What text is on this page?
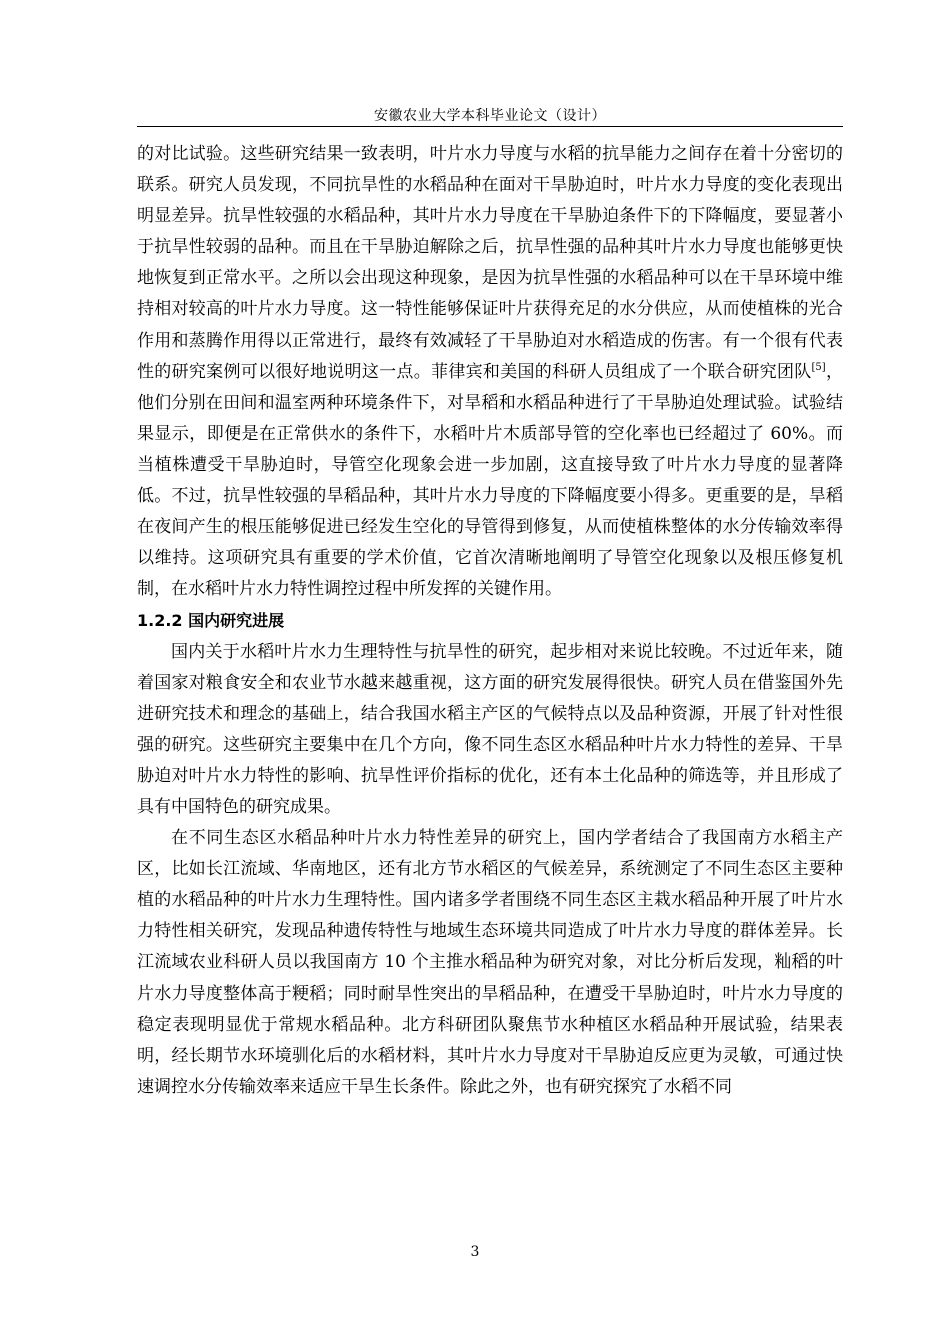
安徽农业大学本科毕业论文（设计）

的对比试验。这些研究结果一致表明，叶片水力导度与水稻的抗旱能力之间存在着十分密切的联系。研究人员发现，不同抗旱性的水稻品种在面对干旱胁迫时，叶片水力导度的变化表现出明显差异。抗旱性较强的水稻品种，其叶片水力导度在干旱胁迫条件下的下降幅度，要显著小于抗旱性较弱的品种。而且在干旱胁迫解除之后，抗旱性强的品种其叶片水力导度也能够更快地恢复到正常水平。之所以会出现这种现象，是因为抗旱性强的水稻品种可以在干旱环境中维持相对较高的叶片水力导度。这一特性能够保证叶片获得充足的水分供应，从而使植株的光合作用和蒸腾作用得以正常进行，最终有效减轻了干旱胁迫对水稻造成的伤害。有一个很有代表性的研究案例可以很好地说明这一点。菲律宾和美国的科研人员组成了一个联合研究团队[5]，他们分别在田间和温室两种环境条件下，对旱稻和水稻品种进行了干旱胁迫处理试验。试验结果显示，即便是在正常供水的条件下，水稻叶片木质部导管的空化率也已经超过了 60%。而当植株遭受干旱胁迫时，导管空化现象会进一步加剧，这直接导致了叶片水力导度的显著降低。不过，抗旱性较强的旱稻品种，其叶片水力导度的下降幅度要小得多。更重要的是，旱稻在夜间产生的根压能够促进已经发生空化的导管得到修复，从而使植株整体的水分传输效率得以维持。这项研究具有重要的学术价值，它首次清晰地阐明了导管空化现象以及根压修复机制，在水稻叶片水力特性调控过程中所发挥的关键作用。

1.2.2 国内研究进展

国内关于水稻叶片水力生理特性与抗旱性的研究，起步相对来说比较晚。不过近年来，随着国家对粮食安全和农业节水越来越重视，这方面的研究发展得很快。研究人员在借鉴国外先进研究技术和理念的基础上，结合我国水稻主产区的气候特点以及品种资源，开展了针对性很强的研究。这些研究主要集中在几个方向，像不同生态区水稻品种叶片水力特性的差异、干旱胁迫对叶片水力特性的影响、抗旱性评价指标的优化，还有本土化品种的筛选等，并且形成了具有中国特色的研究成果。

在不同生态区水稻品种叶片水力特性差异的研究上，国内学者结合了我国南方水稻主产区，比如长江流域、华南地区，还有北方节水稻区的气候差异，系统测定了不同生态区主要种植的水稻品种的叶片水力生理特性。国内诸多学者围绕不同生态区主栽水稻品种开展了叶片水力特性相关研究，发现品种遗传特性与地域生态环境共同造成了叶片水力导度的群体差异。长江流域农业科研人员以我国南方 10 个主推水稻品种为研究对象，对比分析后发现，籼稻的叶片水力导度整体高于粳稻；同时耐旱性突出的旱稻品种，在遭受干旱胁迫时，叶片水力导度的稳定表现明显优于常规水稻品种。北方科研团队聚焦节水种植区水稻品种开展试验，结果表明，经长期节水环境驯化后的水稻材料，其叶片水力导度对干旱胁迫反应更为灵敏，可通过快速调控水分传输效率来适应干旱生长条件。除此之外，也有研究探究了水稻不同

3
